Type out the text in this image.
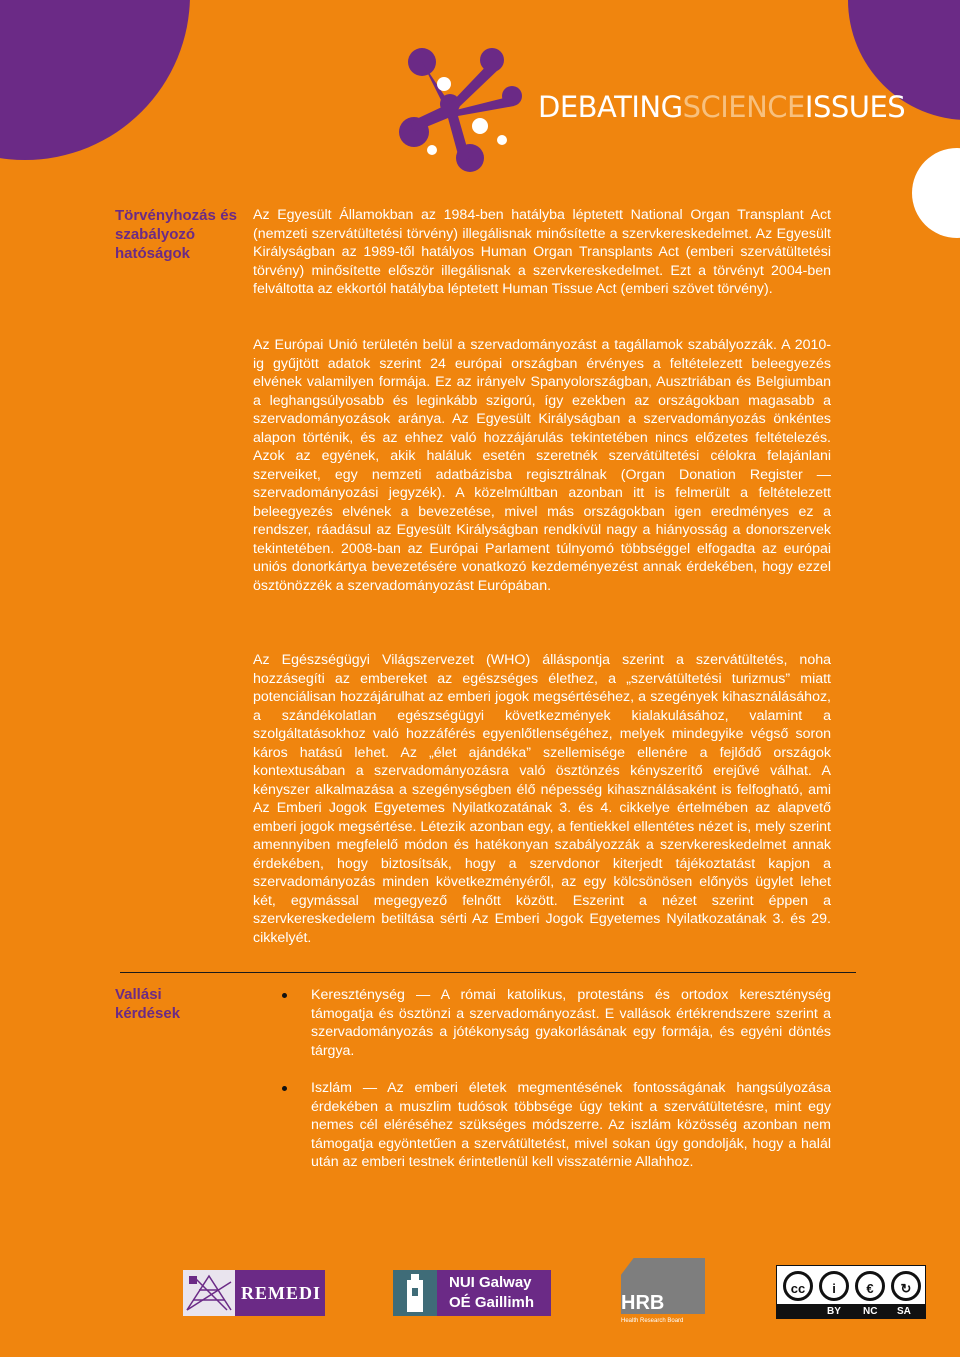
DEBATINGSCIENCEISSUES
Törvényhozás és szabályozó hatóságok
Az Egyesült Államokban az 1984-ben hatályba léptetett National Organ Transplant Act (nemzeti szervátültetési törvény) illegálisnak minősítette a szervkereskedelmet. Az Egyesült Királyságban az 1989-től hatályos Human Organ Transplants Act (emberi szervátültetési törvény) minősítette először illegálisnak a szervkereskedelmet. Ezt a törvényt 2004-ben felváltotta az ekkortól hatályba léptetett Human Tissue Act (emberi szövet törvény).
Az Európai Unió területén belül a szervadományozást a tagállamok szabályozzák. A 2010-ig gyűjtött adatok szerint 24 európai országban érvényes a feltételezett beleegyezés elvének valamilyen formája. Ez az irányelv Spanyolországban, Ausztriában és Belgiumban a leghangsúlyosabb és leginkább szigorú, így ezekben az országokban magasabb a szervadományozások aránya. Az Egyesült Királyságban a szervadományozás önkéntes alapon történik, és az ehhez való hozzájárulás tekintetében nincs előzetes feltételezés. Azok az egyének, akik haláluk esetén szeretnék szervátültetési célokra felajánlani szerveiket, egy nemzeti adatbázisba regisztrálnak (Organ Donation Register — szervadományozási jegyzék). A közelmúltban azonban itt is felmerült a feltételezett beleegyezés elvének a bevezetése, mivel más országokban igen eredményes ez a rendszer, ráadásul az Egyesült Királyságban rendkívül nagy a hiányosság a donorszervek tekintetében. 2008-ban az Európai Parlament túlnyomó többséggel elfogadta az európai uniós donorkártya bevezetésére vonatkozó kezdeményezést annak érdekében, hogy ezzel ösztönözzék a szervadományozást Európában.
Az Egészségügyi Világszervezet (WHO) álláspontja szerint a szervátültetés, noha hozzásegíti az embereket az egészséges élethez, a „szervátültetési turizmus” miatt potenciálisan hozzájárulhat az emberi jogok megsértéséhez, a szegények kihasználásához, a szándékolatlan egészségügyi következmények kialakulásához, valamint a szolgáltatásokhoz való hozzáférés egyenlőtlenségéhez, melyek mindegyike végső soron káros hatású lehet. Az „élet ajándéka” szellemisége ellenére a fejlődő országok kontextusában a szervadományozásra való ösztönzés kényszerítő erejűvé válhat. A kényszer alkalmazása a szegénységben élő népesség kihasználásaként is felfogható, ami Az Emberi Jogok Egyetemes Nyilatkozatának 3. és 4. cikkelye értelmében az alapvető emberi jogok megsértése. Létezik azonban egy, a fentiekkel ellentétes nézet is, mely szerint amennyiben megfelelő módon és hatékonyan szabályozzák a szervkereskedelmet annak érdekében, hogy biztosítsák, hogy a szervdonor kiterjedt tájékoztatást kapjon a szervadományozás minden következményéről, az egy kölcsönösen előnyös ügylet lehet két, egymással megegyező felnőtt között. Eszerint a nézet szerint éppen a szervkereskedelem betiltása sérti Az Emberi Jogok Egyetemes Nyilatkozatának 3. és 29. cikkelyét.
Vallási kérdések
Kereszténység — A római katolikus, protestáns és ortodox kereszténység támogatja és ösztönzi a szervadományozást. E vallások értékrendszere szerint a szervadományozás a jótékonyság gyakorlásának egy formája, és egyéni döntés tárgya.
Iszlám — Az emberi életek megmentésének fontosságának hangsúlyozása érdekében a muszlim tudósok többsége úgy tekint a szervátültetésre, mint egy nemes cél eléréséhez szükséges módszerre. Az iszlám közösség azonban nem támogatja egyöntetűen a szervátültetést, mivel sokan úgy gondolják, hogy a halál után az emberi testnek érintetlenül kell visszatérnie Allahhoz.
REMEDI
NUI Galway
OÉ Gaillimh	HRB
Health Research Board
cc	i	€	↻
BY NC SA
